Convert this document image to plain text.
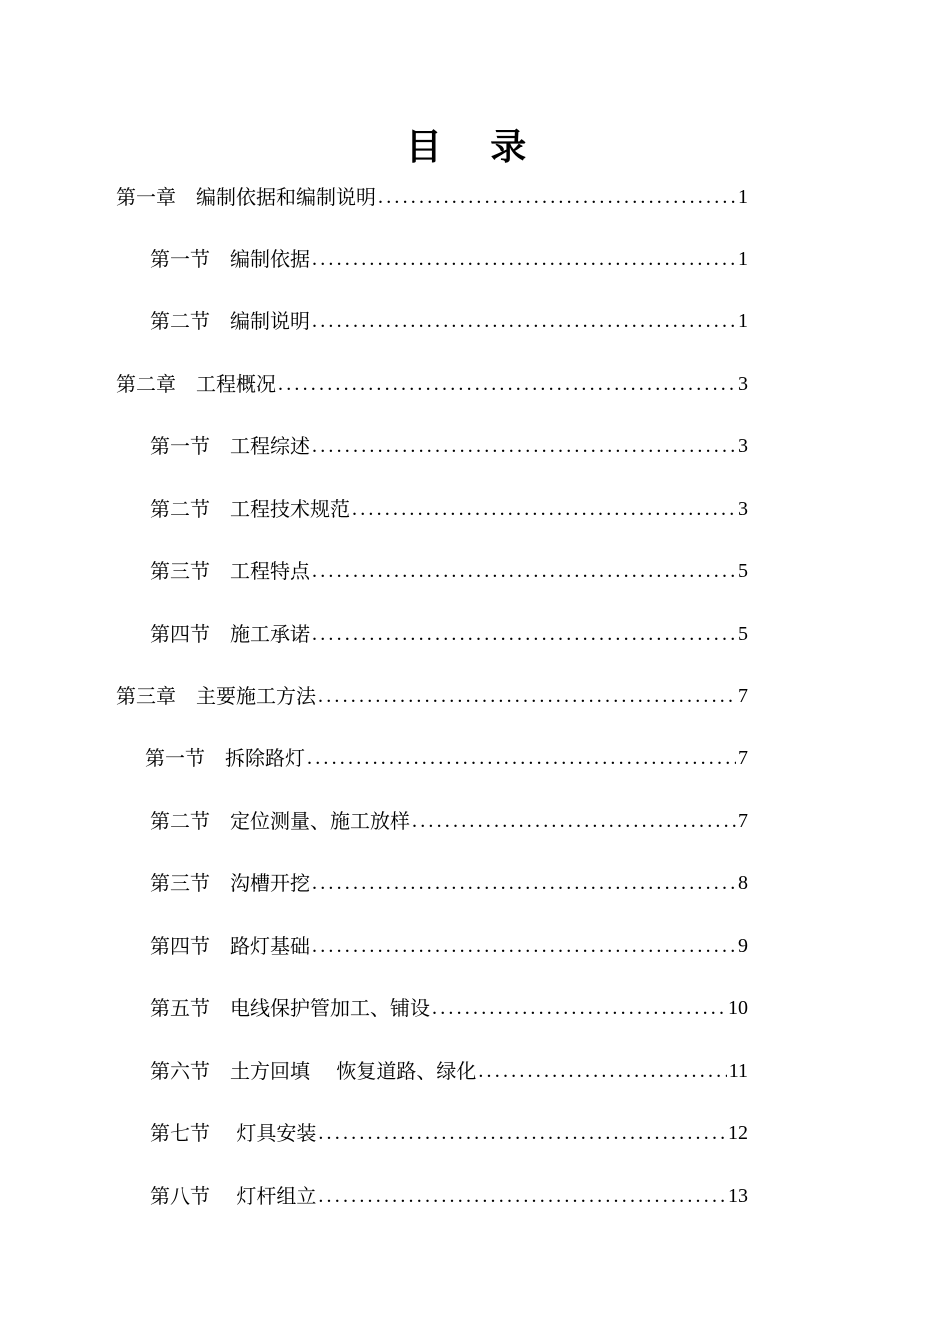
目 录
第一章　编制依据和编制说明 .....	1
第一节　编制依据 .....	1
第二节　编制说明 .....	1
第二章　工程概况 .....	3
第一节　工程综述 .....	3
第二节　工程技术规范 .....	3
第三节　工程特点 .....	5
第四节　施工承诺 .....	5
第三章　主要施工方法 .....	7
第一节　拆除路灯 .....	7
第二节　定位测量、施工放样 .....	7
第三节　沟槽开挖 .....	8
第四节　路灯基础 .....	9
第五节　电线保护管加工、铺设 .....	10
第六节　土方回填　 恢复道路、绿化 .....	11
第七节　 灯具安装 .....	12
第八节　 灯杆组立 .....	13
